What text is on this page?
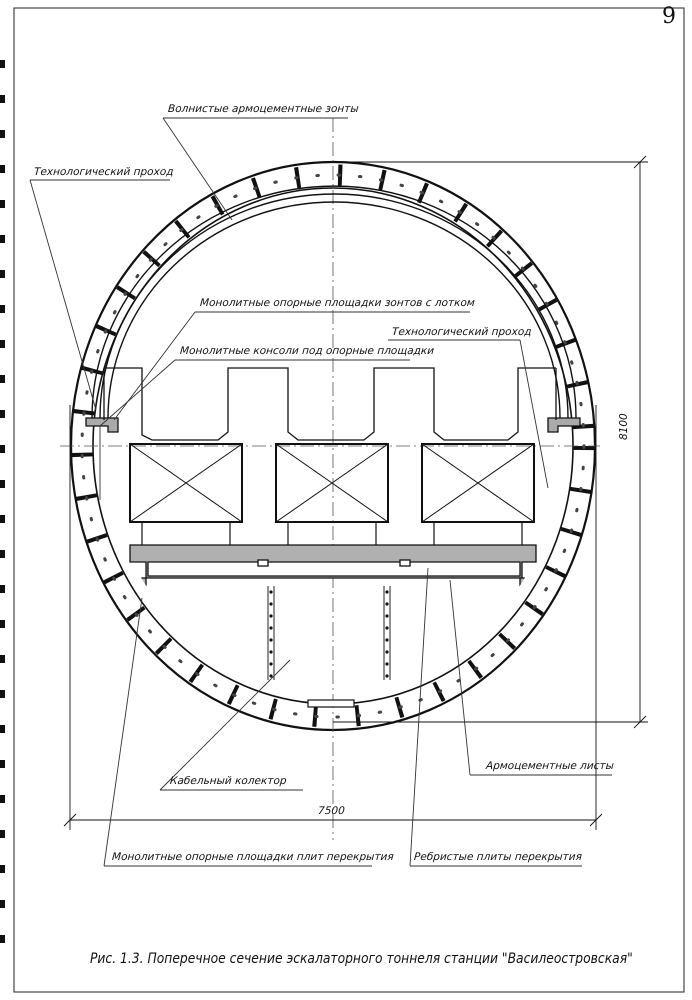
9
Волнистые армоцементные зонты
Технологический проход
Монолитные опорные площадки зонтов с лотком
Технологический проход
Монолитные консоли под опорные площадки
Кабельный колектор
Армоцементные листы
Монолитные опорные площадки плит перекрытия Ребристые плиты перекрытия
7500
8100
Рис. 1.3. Поперечное сечение эскалаторного тоннеля станции "Василеостровская"
